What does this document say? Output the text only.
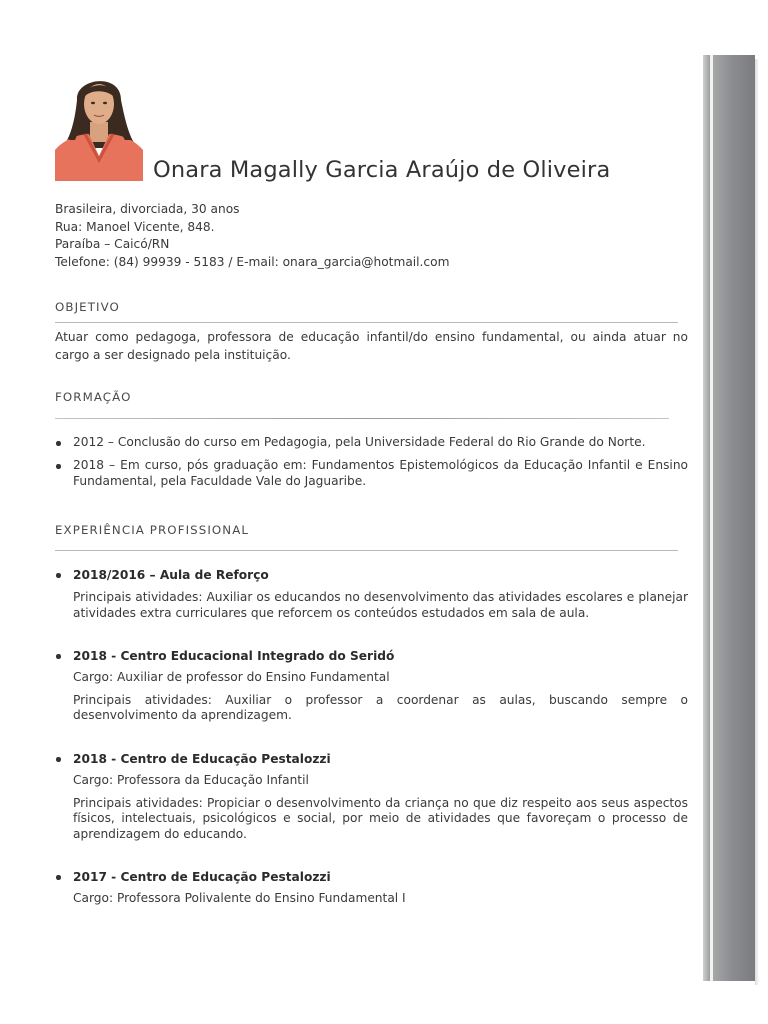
Onara Magally Garcia Araújo de Oliveira
Brasileira, divorciada, 30 anos
Rua: Manoel Vicente, 848.
Paraíba – Caicó/RN
Telefone: (84) 99939 - 5183 / E-mail: onara_garcia@hotmail.com
OBJETIVO
Atuar como pedagoga, professora de educação infantil/do ensino fundamental, ou ainda atuar no cargo a ser designado pela instituição.
FORMAÇÃO
2012 – Conclusão do curso em Pedagogia, pela Universidade Federal do Rio Grande do Norte.
2018 – Em curso, pós graduação em: Fundamentos Epistemológicos da Educação Infantil e Ensino Fundamental, pela Faculdade Vale do Jaguaribe.
EXPERIÊNCIA PROFISSIONAL
2018/2016 – Aula de Reforço
Principais atividades: Auxiliar os educandos no desenvolvimento das atividades escolares e planejar atividades extra curriculares que reforcem os conteúdos estudados em sala de aula.
2018 - Centro Educacional Integrado do Seridó
Cargo: Auxiliar de professor do Ensino Fundamental
Principais atividades: Auxiliar o professor a coordenar as aulas, buscando sempre o desenvolvimento da aprendizagem.
2018 - Centro de Educação Pestalozzi
Cargo: Professora da Educação Infantil
Principais atividades: Propiciar o desenvolvimento da criança no que diz respeito aos seus aspectos físicos, intelectuais, psicológicos e social, por meio de atividades que favoreçam o processo de aprendizagem do educando.
2017 - Centro de Educação Pestalozzi
Cargo: Professora Polivalente do Ensino Fundamental I
